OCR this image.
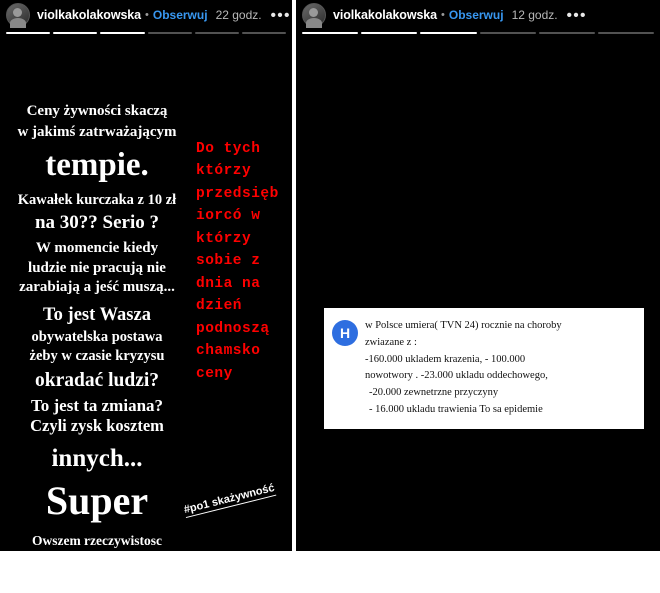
violkakolakowska • Obserwuj 22 godz. •••
Ceny żywności skaczą
w jakimś zatrważającym
tempie.
Kawałek kurczaka z 10 zł
na 30?? Serio ?
W momencie kiedy
ludzie nie pracują nie
zarabiają a jeść muszą...
To jest Wasza
obywatelska postawa
żeby w czasie kryzysu
okradać ludzi?
To jest ta zmiana?
Czyli zysk kosztem
innych...
Super
Owszem rzeczywistosc
zmienia się ale chyba
nie na lepsze
Do tych którzy przedsiębiorcó w którzy sobie z dnia na dzień podnoszą chamsko ceny
#po1 skażywność
violkakolakowska • Obserwuj 12 godz. •••
H	w Polsce umiera( TVN 24) rocznie na choroby

zwiazane z :

-160.000 ukladem krazenia, - 100.000

nowotwory . -23.000 ukladu oddechowego,

-20.000 zewnetrzne przyczyny

- 16.000 ukladu trawienia To sa epidemie
